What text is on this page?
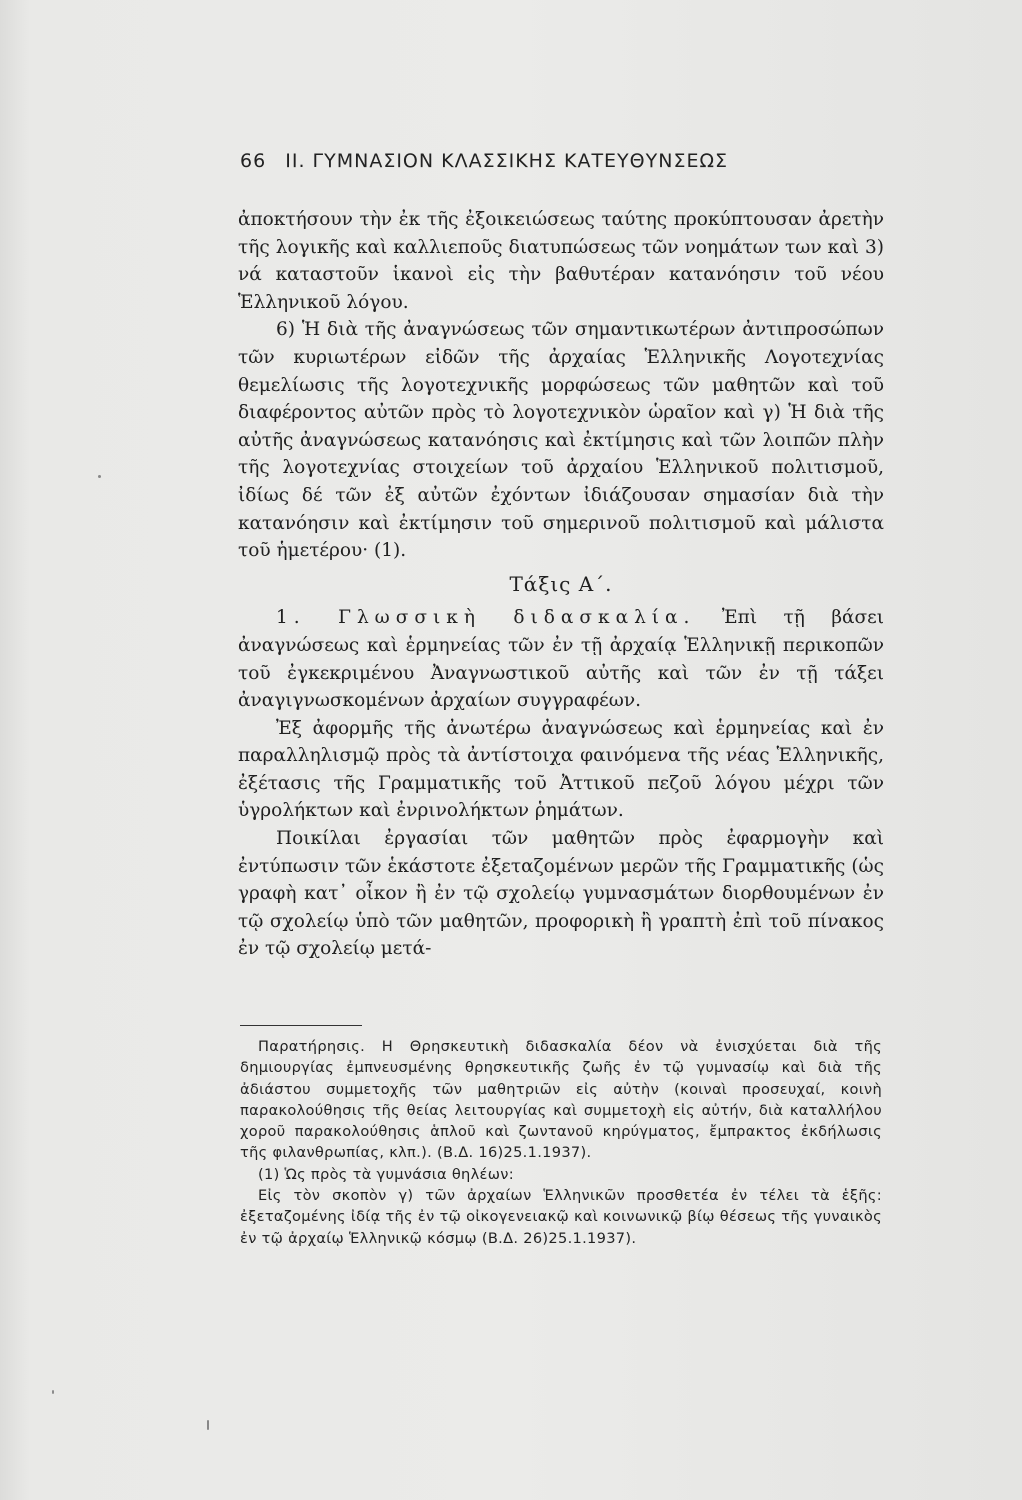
66 ΙΙ. ΓΥΜΝΑΣΙΟΝ ΚΛΑΣΣΙΚΗΣ ΚΑΤΕΥΘΥΝΣΕΩΣ

ἀποκτήσουν τὴν ἐκ τῆς ἐξοικειώσεως ταύτης προκύπτουσαν ἀρετὴν τῆς λογικῆς καὶ καλλιεποῦς διατυπώσεως τῶν νοημάτων των καὶ 3) νά καταστοῦν ἱκανοὶ εἰς τὴν βαθυτέραν κατανόησιν τοῦ νέου Ἑλληνικοῦ λόγου.

6) Ἡ διὰ τῆς ἀναγνώσεως τῶν σημαντικωτέρων ἀντιπροσώπων τῶν κυριωτέρων εἰδῶν τῆς ἀρχαίας Ἑλληνικῆς Λογοτεχνίας θεμελίωσις τῆς λογοτεχνικῆς μορφώσεως τῶν μαθητῶν καὶ τοῦ διαφέροντος αὐτῶν πρὸς τὸ λογοτεχνικὸν ὡραῖον καὶ γ) Ἡ διὰ τῆς αὐτῆς ἀναγνώσεως κατανόησις καὶ ἐκτίμησις καὶ τῶν λοιπῶν πλὴν τῆς λογοτεχνίας στοιχείων τοῦ ἀρχαίου Ἑλληνικοῦ πολιτισμοῦ, ἰδίως δέ τῶν ἐξ αὐτῶν ἐχόντων ἰδιάζουσαν σημασίαν διὰ τὴν κατανόησιν καὶ ἐκτίμησιν τοῦ σημερινοῦ πολιτισμοῦ καὶ μάλιστα τοῦ ἡμετέρου· (1).

Τάξις Α΄.

1. Γλωσσικὴ διδασκαλία. Ἐπὶ τῇ βάσει ἀναγνώσεως καὶ ἑρμηνείας τῶν ἐν τῇ ἀρχαίᾳ Ἑλληνικῇ περικοπῶν τοῦ ἐγκεκριμένου Ἀναγνωστικοῦ αὐτῆς καὶ τῶν ἐν τῇ τάξει ἀναγιγνωσκομένων ἀρχαίων συγγραφέων.

Ἐξ ἀφορμῆς τῆς ἀνωτέρω ἀναγνώσεως καὶ ἑρμηνείας καὶ ἐν παραλληλισμῷ πρὸς τὰ ἀντίστοιχα φαινόμενα τῆς νέας Ἑλληνικῆς, ἐξέτασις τῆς Γραμματικῆς τοῦ Ἀττικοῦ πεζοῦ λόγου μέχρι τῶν ὑγρολήκτων καὶ ἐνρινολήκτων ῥημάτων.

Ποικίλαι ἐργασίαι τῶν μαθητῶν πρὸς ἐφαρμογὴν καὶ ἐντύπωσιν τῶν ἑκάστοτε ἐξεταζομένων μερῶν τῆς Γραμματικῆς (ὡς γραφὴ κατ᾽ οἶκον ἢ ἐν τῷ σχολείῳ γυμνασμάτων διορθουμένων ἐν τῷ σχολείῳ ὑπὸ τῶν μαθητῶν, προφορικὴ ἢ γραπτὴ ἐπὶ τοῦ πίνακος ἐν τῷ σχολείῳ μετά-

Παρατήρησις. Η Θρησκευτικὴ διδασκαλία δέον νὰ ἐνισχύεται διὰ τῆς δημιουργίας ἐμπνευσμένης θρησκευτικῆς ζωῆς ἐν τῷ γυμνασίῳ καὶ διὰ τῆς ἀδιάστου συμμετοχῆς τῶν μαθητριῶν εἰς αὐτὴν (κοιναὶ προσευχαί, κοινὴ παρακολούθησις τῆς θείας λειτουργίας καὶ συμμετοχὴ εἰς αὐτήν, διὰ καταλλήλου χοροῦ παρακολούθησις ἁπλοῦ καὶ ζωντανοῦ κηρύγματος, ἔμπρακτος ἐκδήλωσις τῆς φιλανθρωπίας, κλπ.). (Β.Δ. 16)25.1.1937).

(1) Ὡς πρὸς τὰ γυμνάσια θηλέων:

Εἰς τὸν σκοπὸν γ) τῶν ἀρχαίων Ἑλληνικῶν προσθετέα ἐν τέλει τὰ ἑξῆς: ἐξεταζομένης ἰδίᾳ τῆς ἐν τῷ οἰκογενειακῷ καὶ κοινωνικῷ βίῳ θέσεως τῆς γυναικὸς ἐν τῷ ἀρχαίῳ Ἑλληνικῷ κόσμῳ (Β.Δ. 26)25.1.1937).
